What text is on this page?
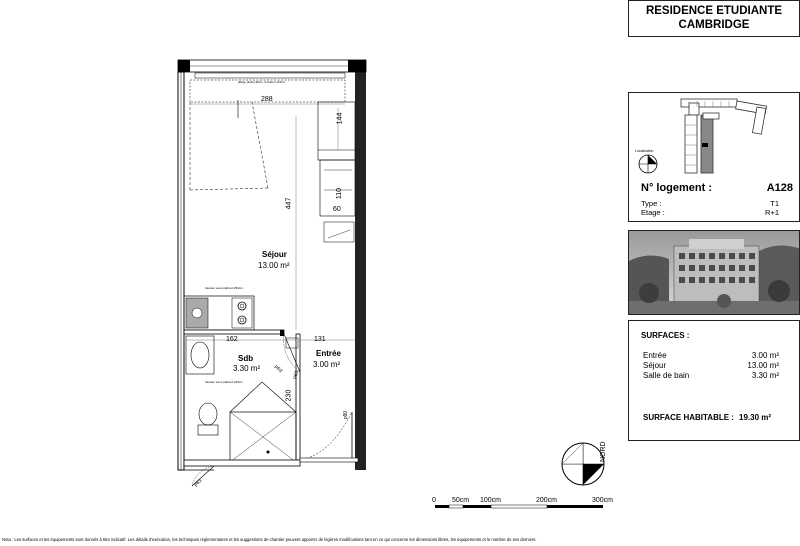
RESIDENCE ETUDIANTE
CAMBRIDGE
Localisation
N° logement :	A128
Type :	T1
Etage :	R+1
SURFACES :
Entrée	3.00 m²
Séjour	13.00 m²
Salle de bain	3.30 m²
SURFACE HABITABLE : 19.30 m²
Séjour
13.00 m²
Sdb
3.30 m²
Entrée
3.00 m²
288
144
447
110
60
162	131
230
p63
p63
p63
p90
allège pleine 90cm / hauteur 115cm
hauteur sous plafond 250cm
hauteur sous plafond 225cm
NORD
0 50cm 100cm	200cm	300cm
Nota : Les surfaces et les équipements sont donnés à titre indicatif. Les détails d'exécution, les techniques réglementaires et les suggestions de chantier peuvent apporter de légères modifications tant en ce qui concerne les dimensions libres, les équipements et le nombre de ses derniers.
